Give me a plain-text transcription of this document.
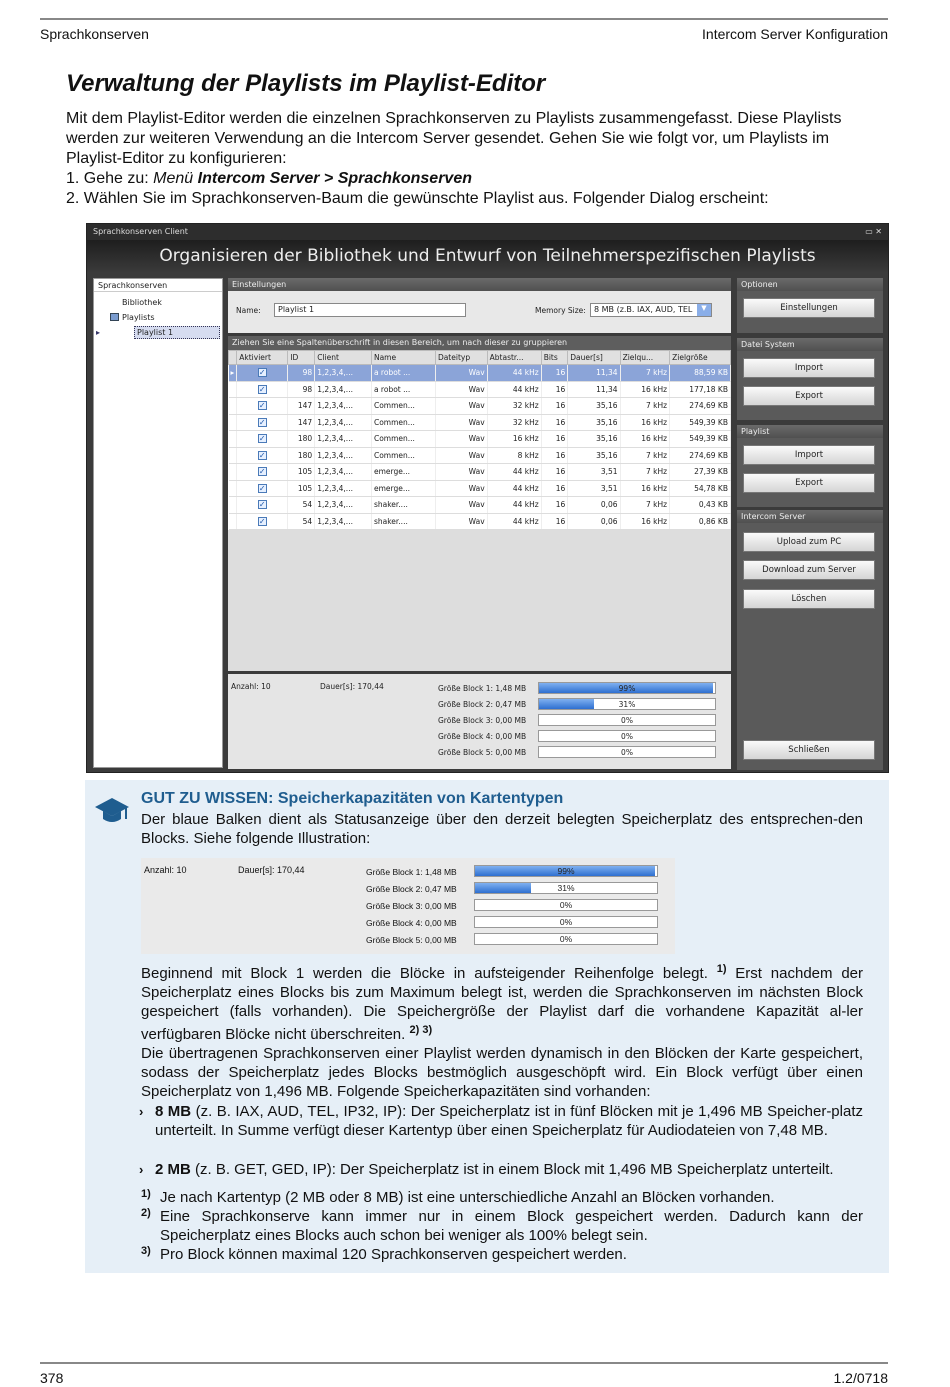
Sprachkonserven	Intercom Server Konfiguration
Verwaltung der Playlists im Playlist-Editor

Mit dem Playlist-Editor werden die einzelnen Sprachkonserven zu Playlists zusammengefasst. Diese Playlists werden zur weiteren Verwendung an die Intercom Server gesendet. Gehen Sie wie folgt vor, um Playlists im Playlist-Editor zu konfigurieren:

1. Gehe zu: Menü Intercom Server > Sprachkonserven

2. Wählen Sie im Sprachkonserven-Baum die gewünschte Playlist aus. Folgender Dialog erscheint:

Sprachkonserven Client	▭ ✕
Organisieren der Bibliothek und Entwurf von Teilnehmerspezifischen Playlists
Sprachkonserven
Bibliothek
Playlists
▸	Playlist 1
Einstellungen
Name:	Playlist 1	Memory Size:	8 MB (z.B. IAX, AUD, TEL	▼
Ziehen Sie eine Spaltenüberschrift in diesen Bereich, um nach dieser zu gruppieren
	Aktiviert	ID	Client	Name	Dateityp	Abtastr...	Bits	Dauer[s]	Zielqu...	Zielgröße
▸	✓	98	1,2,3,4,...	a robot ...	Wav	44 kHz	16	11,34	7 kHz	88,59 KB
	✓	98	1,2,3,4,...	a robot ...	Wav	44 kHz	16	11,34	16 kHz	177,18 KB
	✓	147	1,2,3,4,...	Commen...	Wav	32 kHz	16	35,16	7 kHz	274,69 KB
	✓	147	1,2,3,4,...	Commen...	Wav	32 kHz	16	35,16	16 kHz	549,39 KB
	✓	180	1,2,3,4,...	Commen...	Wav	16 kHz	16	35,16	16 kHz	549,39 KB
	✓	180	1,2,3,4,...	Commen...	Wav	8 kHz	16	35,16	7 kHz	274,69 KB
	✓	105	1,2,3,4,...	emerge...	Wav	44 kHz	16	3,51	7 kHz	27,39 KB
	✓	105	1,2,3,4,...	emerge...	Wav	44 kHz	16	3,51	16 kHz	54,78 KB
	✓	54	1,2,3,4,...	shaker....	Wav	44 kHz	16	0,06	7 kHz	0,43 KB
	✓	54	1,2,3,4,...	shaker....	Wav	44 kHz	16	0,06	16 kHz	0,86 KB
Anzahl: 10	Dauer[s]: 170,44	Größe Block 1: 1,48 MB	99%
Größe Block 2: 0,47 MB	31%
Größe Block 3: 0,00 MB	0%
Größe Block 4: 0,00 MB	0%
Größe Block 5: 0,00 MB	0%
Optionen
Einstellungen
Datei System
Import
Export
Playlist
Import
Export
Intercom Server
Upload zum PC
Download zum Server
Löschen
Schließen
GUT ZU WISSEN: Speicherkapazitäten von Kartentypen

Der blaue Balken dient als Statusanzeige über den derzeit belegten Speicherplatz des entsprechen-den Blocks. Siehe folgende Illustration:

Anzahl: 10	Dauer[s]: 170,44	Größe Block 1: 1,48 MB	99%
Größe Block 2: 0,47 MB	31%
Größe Block 3: 0,00 MB	0%
Größe Block 4: 0,00 MB	0%
Größe Block 5: 0,00 MB	0%

Beginnend mit Block 1 werden die Blöcke in aufsteigender Reihenfolge belegt. $^{1)}$ Erst nachdem der Speicherplatz eines Blocks bis zum Maximum belegt ist, werden die Sprachkonserven im nächsten Block gespeichert (falls vorhanden). Die Speichergröße der Playlist darf die vorhandene Kapazität al-ler verfügbaren Blöcke nicht überschreiten. $^{2) 3)}$

Die übertragenen Sprachkonserven einer Playlist werden dynamisch in den Blöcken der Karte gespeichert, sodass der Speicherplatz jedes Blocks bestmöglich ausgeschöpft wird. Ein Block verfügt über einen Speicherplatz von 1,496 MB. Folgende Speicherkapazitäten sind vorhanden:

› 8 MB (z. B. IAX, AUD, TEL, IP32, IP): Der Speicherplatz ist in fünf Blöcken mit je 1,496 MB Speicher-platz unterteilt. In Summe verfügt dieser Kartentyp über einen Speicherplatz für Audiodateien von 7,48 MB.
› 2 MB (z. B. GET, GED, IP): Der Speicherplatz ist in einem Block mit 1,496 MB Speicherplatz unterteilt.
1) Je nach Kartentyp (2 MB oder 8 MB) ist eine unterschiedliche Anzahl an Blöcken vorhanden.
2) Eine Sprachkonserve kann immer nur in einem Block gespeichert werden. Dadurch kann der Speicherplatz eines Blocks auch schon bei weniger als 100% belegt sein.
3) Pro Block können maximal 120 Sprachkonserven gespeichert werden.
378	1.2/0718
